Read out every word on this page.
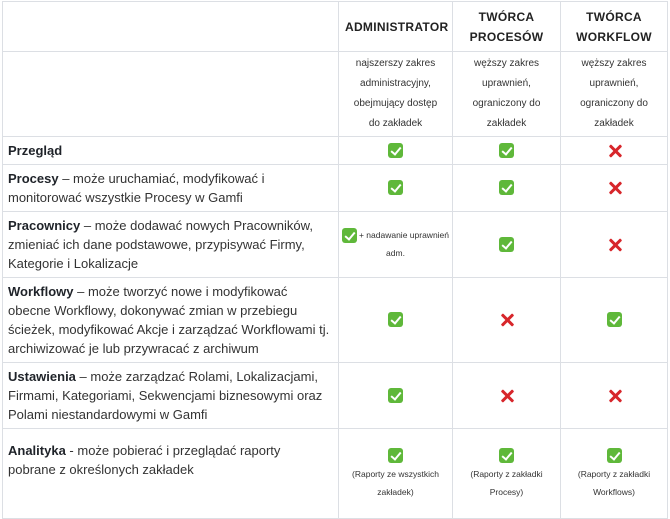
	ADMINISTRATOR	TWÓRCA PROCESÓW	TWÓRCA WORKFLOW
	najszerszy zakres administracyjny, obejmujący dostęp do zakładek	węższy zakres uprawnień, ograniczony do zakładek	węższy zakres uprawnień, ograniczony do zakładek
Przegląd			
Procesy – może uruchamiać, modyfikować i monitorować wszystkie Procesy w Gamfi			
Pracownicy – może dodawać nowych Pracowników, zmieniać ich dane podstawowe, przypisywać Firmy, Kategorie i Lokalizacje	+ nadawanie uprawnień adm.		
Workflowy – może tworzyć nowe i modyfikować obecne Workflowy, dokonywać zmian w przebiegu ścieżek, modyfikować Akcje i zarządzać Workflowami tj. archiwizować je lub przywracać z archiwum			
Ustawienia – może zarządzać Rolami, Lokalizacjami, Firmami, Kategoriami, Sekwencjami biznesowymi oraz Polami niestandardowymi w Gamfi			
Analityka - może pobierać i przeglądać raporty pobrane z określonych zakładek	(Raporty ze wszystkich zakładek)	(Raporty z zakładki Procesy)	(Raporty z zakładki Workflows)
